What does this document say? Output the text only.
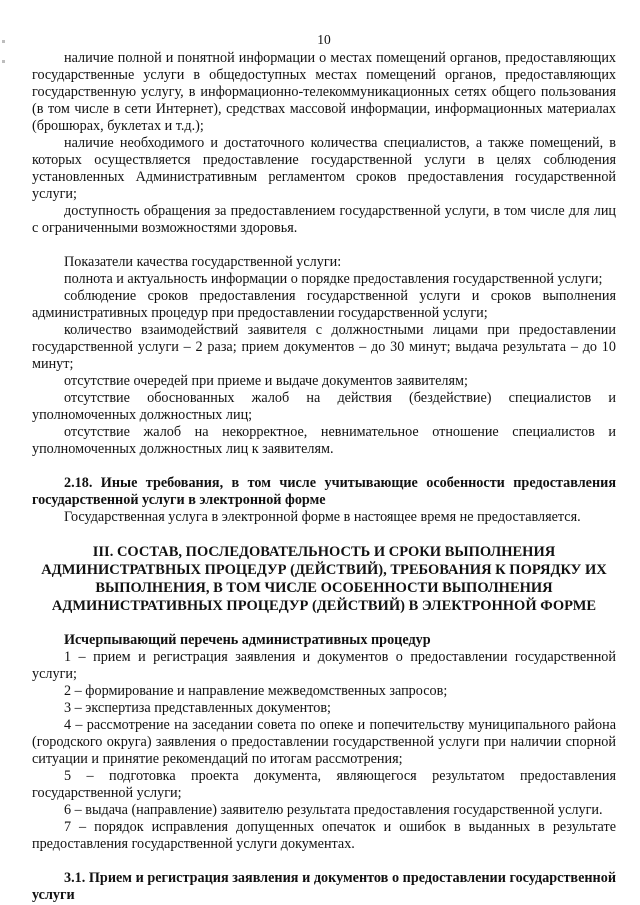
10

наличие полной и понятной информации о местах помещений органов, предоставляющих государственные услуги в общедоступных местах помещений органов, предоставляющих государственную услугу, в информационно-телекоммуникационных сетях общего пользования (в том числе в сети Интернет), средствах массовой информации, информационных материалах (брошюрах, буклетах и т.д.);

наличие необходимого и достаточного количества специалистов, а также помещений, в которых осуществляется предоставление государственной услуги в целях соблюдения установленных Административным регламентом сроков предоставления государственной услуги;

доступность обращения за предоставлением государственной услуги, в том числе для лиц с ограниченными возможностями здоровья.

Показатели качества государственной услуги:

полнота и актуальность информации о порядке предоставления государственной услуги;

соблюдение сроков предоставления государственной услуги и сроков выполнения административных процедур при предоставлении государственной услуги;

количество взаимодействий заявителя с должностными лицами при предоставлении государственной услуги – 2 раза; прием документов – до 30 минут; выдача результата – до 10 минут;

отсутствие очередей при приеме и выдаче документов заявителям;

отсутствие обоснованных жалоб на действия (бездействие) специалистов и уполномоченных должностных лиц;

отсутствие жалоб на некорректное, невнимательное отношение специалистов и уполномоченных должностных лиц к заявителям.

2.18. Иные требования, в том числе учитывающие особенности предоставления государственной услуги в электронной форме

Государственная услуга в электронной форме в настоящее время не предоставляется.

III. СОСТАВ, ПОСЛЕДОВАТЕЛЬНОСТЬ И СРОКИ ВЫПОЛНЕНИЯ
АДМИНИСТРАТВНЫХ ПРОЦЕДУР (ДЕЙСТВИЙ), ТРЕБОВАНИЯ К ПОРЯДКУ ИХ
ВЫПОЛНЕНИЯ, В ТОМ ЧИСЛЕ ОСОБЕННОСТИ ВЫПОЛНЕНИЯ
АДМИНИСТРАТИВНЫХ ПРОЦЕДУР (ДЕЙСТВИЙ) В ЭЛЕКТРОННОЙ ФОРМЕ

Исчерпывающий перечень административных процедур

1 – прием и регистрация заявления и документов о предоставлении государственной услуги;

2 – формирование и направление межведомственных запросов;

3 – экспертиза представленных документов;

4 – рассмотрение на заседании совета по опеке и попечительству муниципального района (городского округа) заявления о предоставлении государственной услуги при наличии спорной ситуации и принятие рекомендаций по итогам рассмотрения;

5 – подготовка проекта документа, являющегося результатом предоставления государственной услуги;

6 – выдача (направление) заявителю результата предоставления государственной услуги.

7 – порядок исправления допущенных опечаток и ошибок в выданных в результате предоставления государственной услуги документах.

3.1. Прием и регистрация заявления и документов о предоставлении государственной услуги
